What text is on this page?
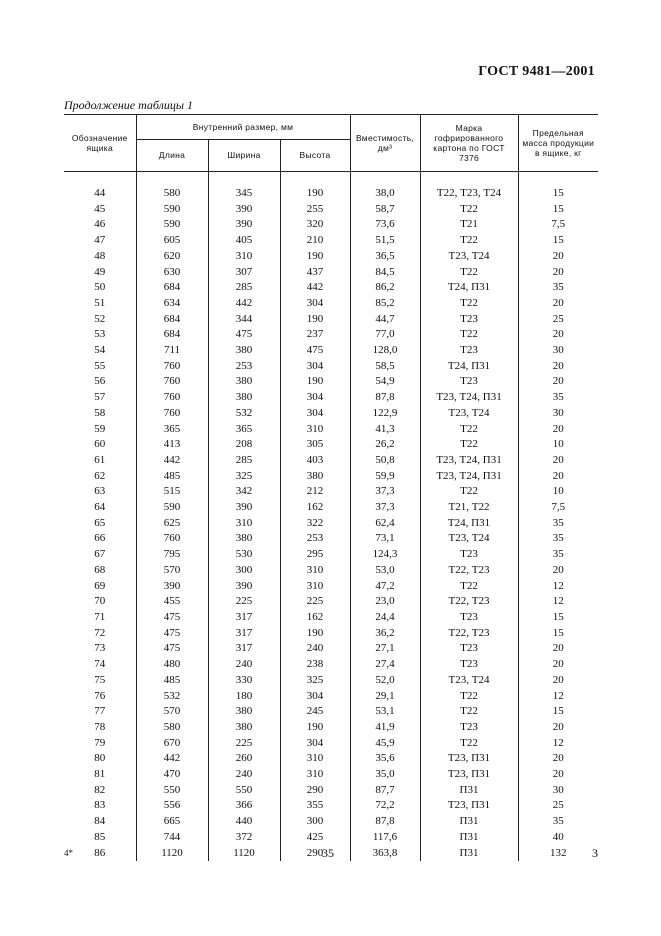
ГОСТ 9481—2001
Продолжение таблицы 1
Обозначение ящика	Внутренний размер, мм			Вместимость, дм³	Марка гофрированного картона по ГОСТ 7376	Предельная масса продукции в ящике, кг
	Длина	Ширина	Высота			

44	580	345	190	38,0	Т22, Т23, Т24	15
45	590	390	255	58,7	Т22	15
46	590	390	320	73,6	Т21	7,5
47	605	405	210	51,5	Т22	15
48	620	310	190	36,5	Т23, Т24	20
49	630	307	437	84,5	Т22	20
50	684	285	442	86,2	Т24, П31	35
51	634	442	304	85,2	Т22	20
52	684	344	190	44,7	Т23	25
53	684	475	237	77,0	Т22	20
54	711	380	475	128,0	Т23	30
55	760	253	304	58,5	Т24, П31	20
56	760	380	190	54,9	Т23	20
57	760	380	304	87,8	Т23, Т24, П31	35
58	760	532	304	122,9	Т23, Т24	30
59	365	365	310	41,3	Т22	20
60	413	208	305	26,2	Т22	10
61	442	285	403	50,8	Т23, Т24, П31	20
62	485	325	380	59,9	Т23, Т24, П31	20
63	515	342	212	37,3	Т22	10
64	590	390	162	37,3	Т21, Т22	7,5
65	625	310	322	62,4	Т24, П31	35
66	760	380	253	73,1	Т23, Т24	35
67	795	530	295	124,3	Т23	35
68	570	300	310	53,0	Т22, Т23	20
69	390	390	310	47,2	Т22	12
70	455	225	225	23,0	Т22, Т23	12
71	475	317	162	24,4	Т23	15
72	475	317	190	36,2	Т22, Т23	15
73	475	317	240	27,1	Т23	20
74	480	240	238	27,4	Т23	20
75	485	330	325	52,0	Т23, Т24	20
76	532	180	304	29,1	Т22	12
77	570	380	245	53,1	Т22	15
78	580	380	190	41,9	Т23	20
79	670	225	304	45,9	Т22	12
80	442	260	310	35,6	Т23, П31	20
81	470	240	310	35,0	Т23, П31	20
82	550	550	290	87,7	П31	30
83	556	366	355	72,2	Т23, П31	25
84	665	440	300	87,8	П31	35
85	744	372	425	117,6	П31	40
86	1120	1120	290	363,8	П31	132
4*	35	3
